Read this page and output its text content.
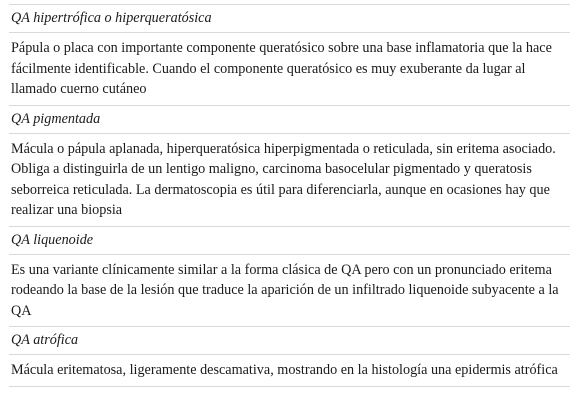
QA hipertrófica o hiperqueratósica
Pápula o placa con importante componente queratósico sobre una base inflamatoria que la hace fácilmente identificable. Cuando el componente queratósico es muy exuberante da lugar al llamado cuerno cutáneo
QA pigmentada
Mácula o pápula aplanada, hiperqueratósica hiperpigmentada o reticulada, sin eritema asociado. Obliga a distinguirla de un lentigo maligno, carcinoma basocelular pigmentado y queratosis seborreica reticulada. La dermatoscopia es útil para diferenciarla, aunque en ocasiones hay que realizar una biopsia
QA liquenoide
Es una variante clínicamente similar a la forma clásica de QA pero con un pronunciado eritema rodeando la base de la lesión que traduce la aparición de un infiltrado liquenoide subyacente a la QA
QA atrófica
Mácula eritematosa, ligeramente descamativa, mostrando en la histología una epidermis atrófica
